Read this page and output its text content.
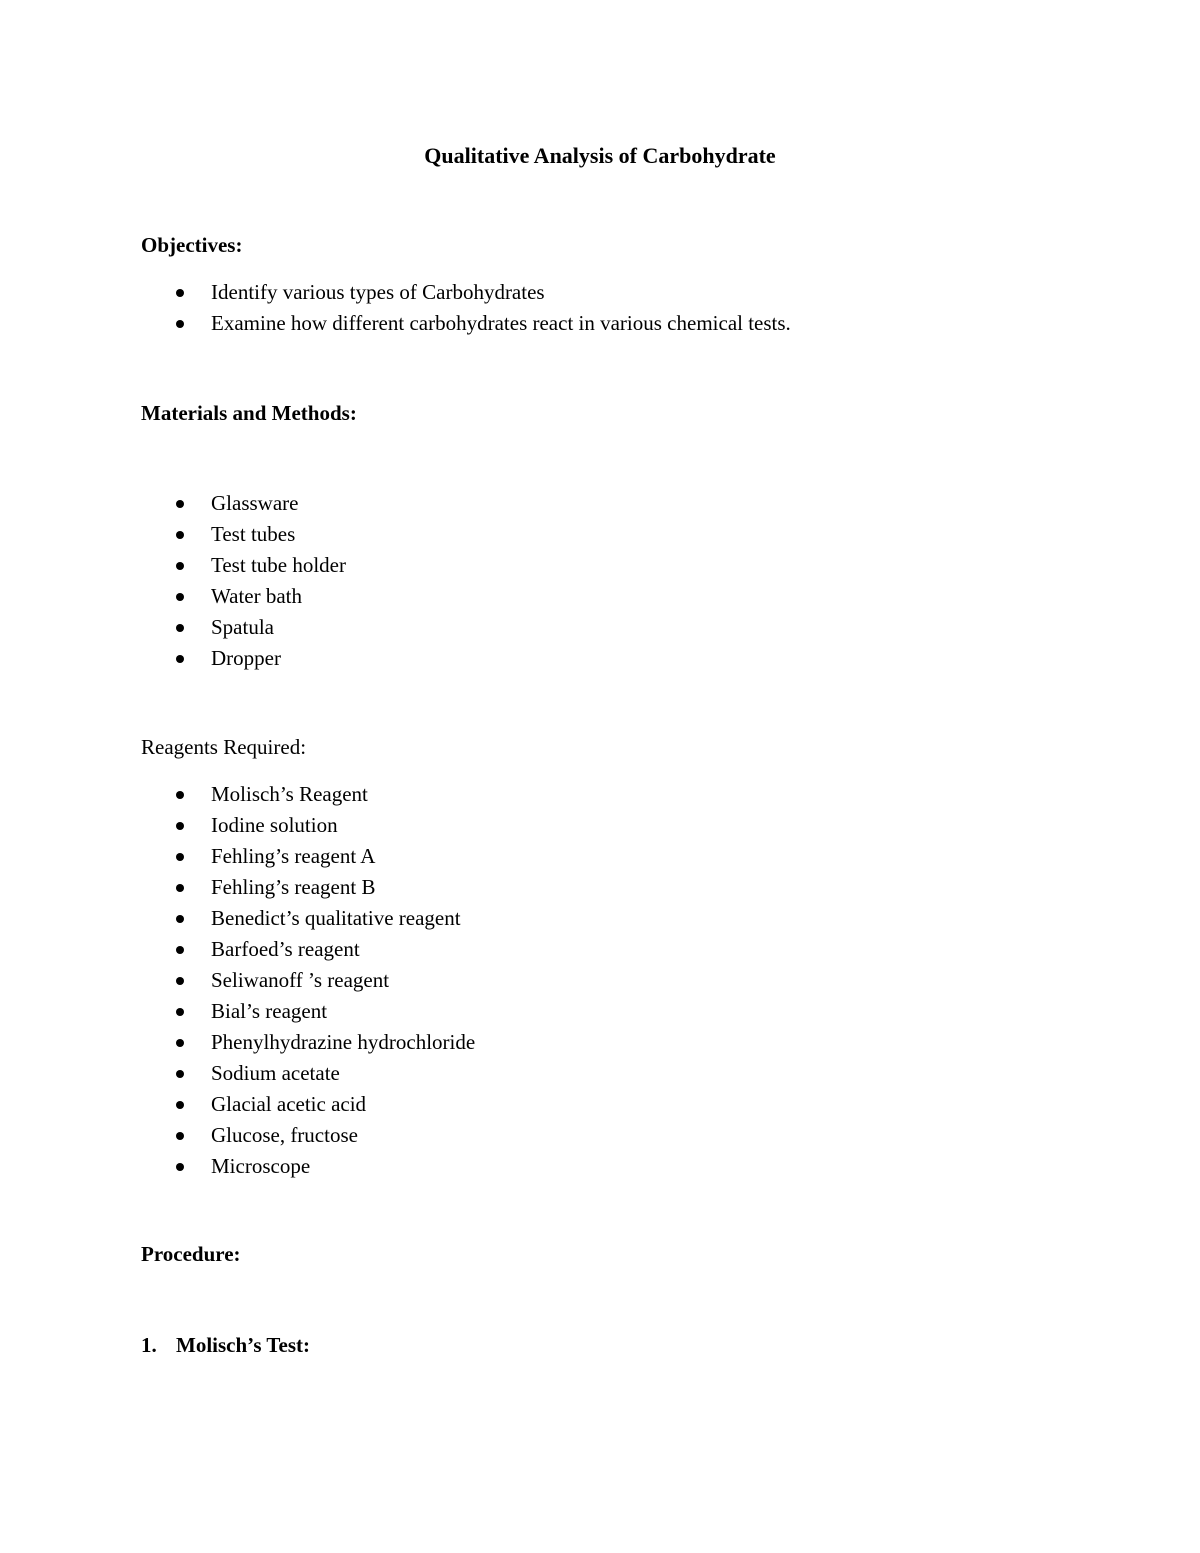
Qualitative Analysis of Carbohydrate
Objectives:
Identify various types of Carbohydrates
Examine how different carbohydrates react in various chemical tests.
Materials and Methods:
Glassware
Test tubes
Test tube holder
Water bath
Spatula
Dropper
Reagents Required:
Molisch’s Reagent
Iodine solution
Fehling’s reagent A
Fehling’s reagent B
Benedict’s qualitative reagent
Barfoed’s reagent
Seliwanoff ’s reagent
Bial’s reagent
Phenylhydrazine hydrochloride
Sodium acetate
Glacial acetic acid
Glucose, fructose
Microscope
Procedure:
1. Molisch’s Test:
